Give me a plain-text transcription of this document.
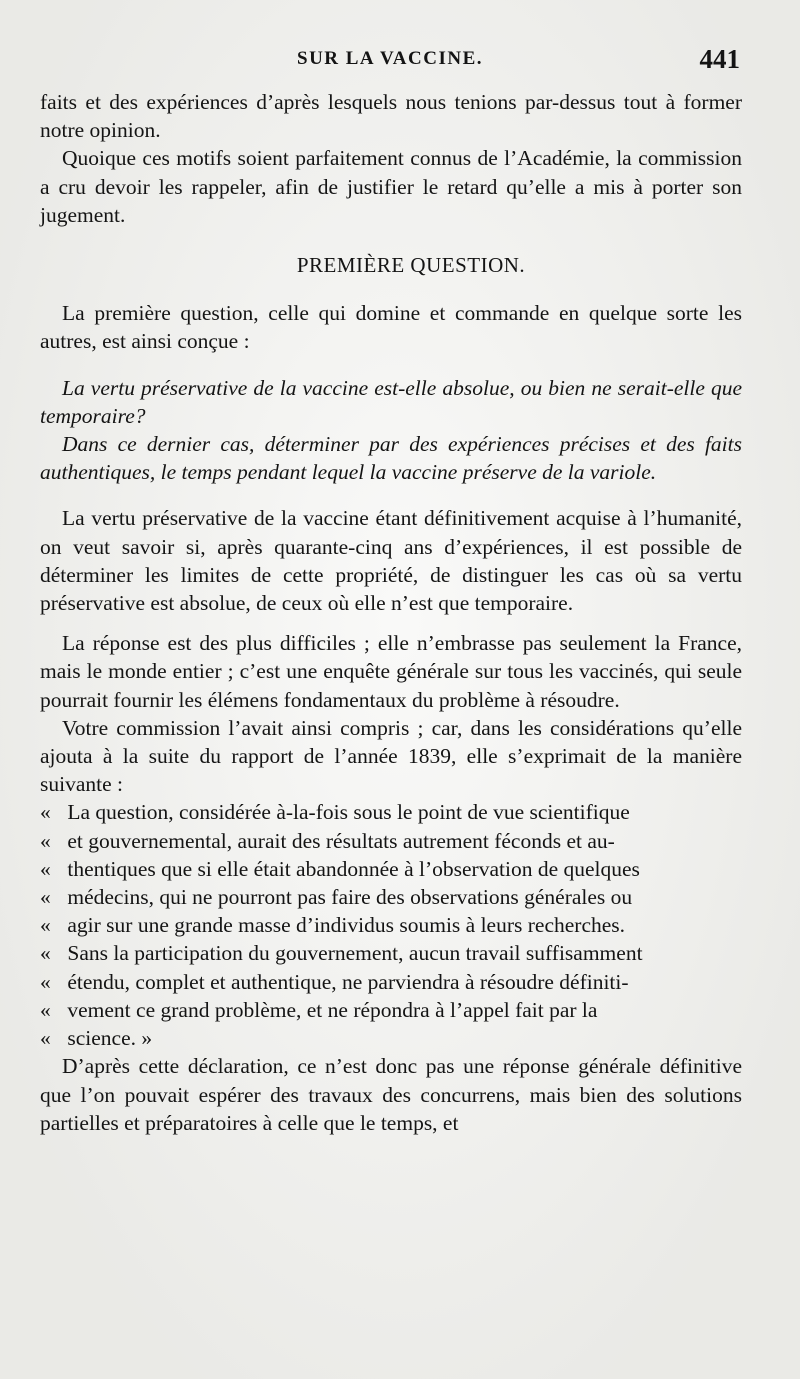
SUR LA VACCINE.	441

faits et des expériences d’après lesquels nous tenions par-dessus tout à former notre opinion.

Quoique ces motifs soient parfaitement connus de l’Académie, la commission a cru devoir les rappeler, afin de justifier le retard qu’elle a mis à porter son jugement.

PREMIÈRE QUESTION.

La première question, celle qui domine et commande en quelque sorte les autres, est ainsi conçue :

La vertu préservative de la vaccine est-elle absolue, ou bien ne serait-elle que temporaire?

Dans ce dernier cas, déterminer par des expériences précises et des faits authentiques, le temps pendant lequel la vaccine préserve de la variole.

La vertu préservative de la vaccine étant définitivement acquise à l’humanité, on veut savoir si, après quarante-cinq ans d’expériences, il est possible de déterminer les limites de cette propriété, de distinguer les cas où sa vertu préservative est absolue, de ceux où elle n’est que temporaire.

La réponse est des plus difficiles ; elle n’embrasse pas seulement la France, mais le monde entier ; c’est une enquête générale sur tous les vaccinés, qui seule pourrait fournir les élémens fondamentaux du problème à résoudre.

Votre commission l’avait ainsi compris ; car, dans les considérations qu’elle ajouta à la suite du rapport de l’année 1839, elle s’exprimait de la manière suivante :

« La question, considérée à-la-fois sous le point de vue scientifique

« et gouvernemental, aurait des résultats autrement féconds et au-

« thentiques que si elle était abandonnée à l’observation de quelques

« médecins, qui ne pourront pas faire des observations générales ou

« agir sur une grande masse d’individus soumis à leurs recherches.

« Sans la participation du gouvernement, aucun travail suffisamment

« étendu, complet et authentique, ne parviendra à résoudre définiti-

« vement ce grand problème, et ne répondra à l’appel fait par la

« science. »

D’après cette déclaration, ce n’est donc pas une réponse générale définitive que l’on pouvait espérer des travaux des concurrens, mais bien des solutions partielles et préparatoires à celle que le temps, et
